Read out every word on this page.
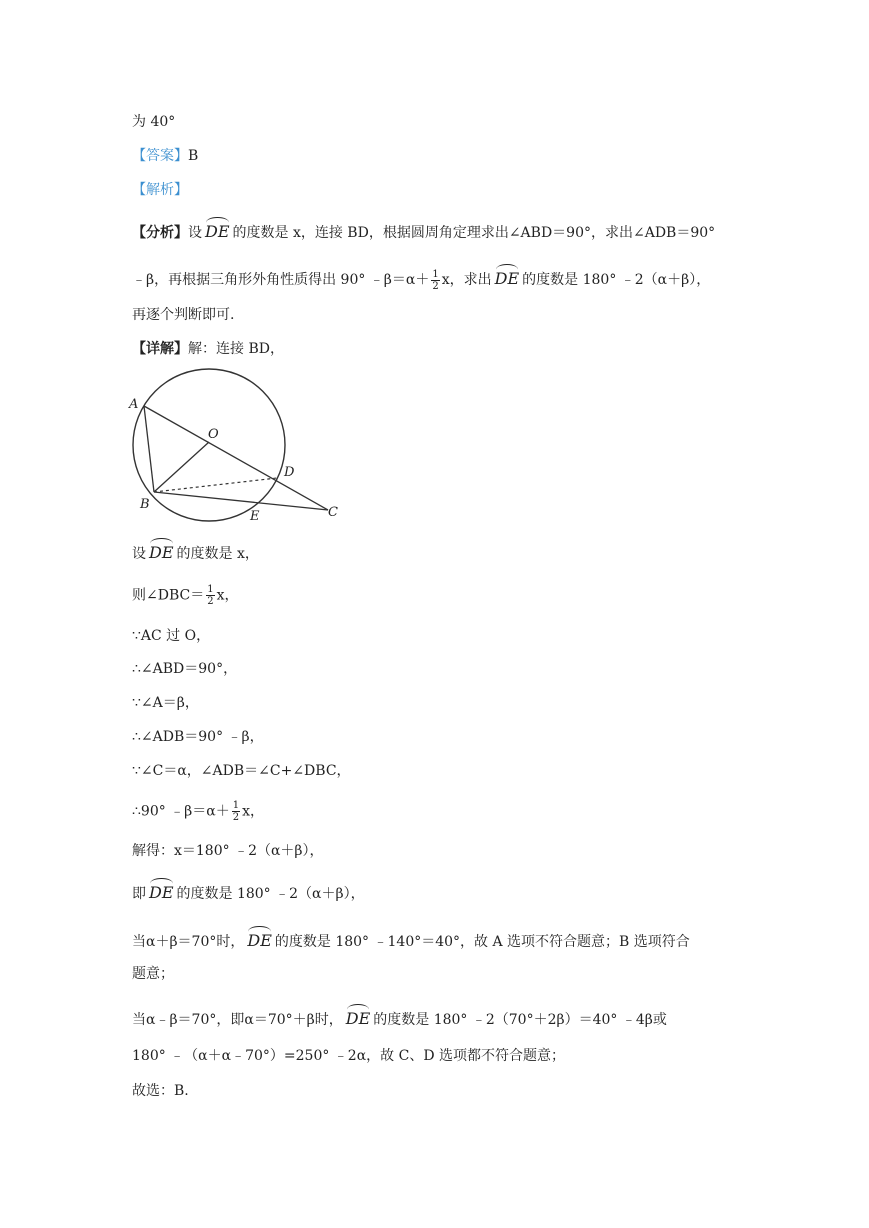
为 40°
【答案】B
【解析】
【分析】设 DE 的度数是 x，连接 BD，根据圆周角定理求出∠ABD＝90°，求出∠ADB＝90°
﹣β，再根据三角形外角性质得出 90° ﹣β＝α＋ $\frac{1}{2}$ x，求出 DE 的度数是 180° ﹣2（α＋β），
再逐个判断即可.
【详解】解：连接 BD，
A
O
D
B
E	C
设 DE 的度数是 x，
则∠DBC＝ $\frac{1}{2}$ x，
∵AC 过 O，
∴∠ABD＝90°，
∵∠A＝β，
∴∠ADB＝90° ﹣β，
∵∠C＝α，∠ADB＝∠C+∠DBC，
∴90° ﹣β＝α＋ $\frac{1}{2}$ x，
解得：x＝180° ﹣2（α＋β），
即 DE 的度数是 180° ﹣2（α＋β），
当α＋β＝70°时， DE 的度数是 180° ﹣140°＝40°，故 A 选项不符合题意；B 选项符合
题意；
当α﹣β＝70°，即α＝70°＋β时， DE 的度数是 180° ﹣2（70°＋2β）＝40° ﹣4β或
180° ﹣（α＋α﹣70°）=250° ﹣2α，故 C、D 选项都不符合题意；
故选：B.
